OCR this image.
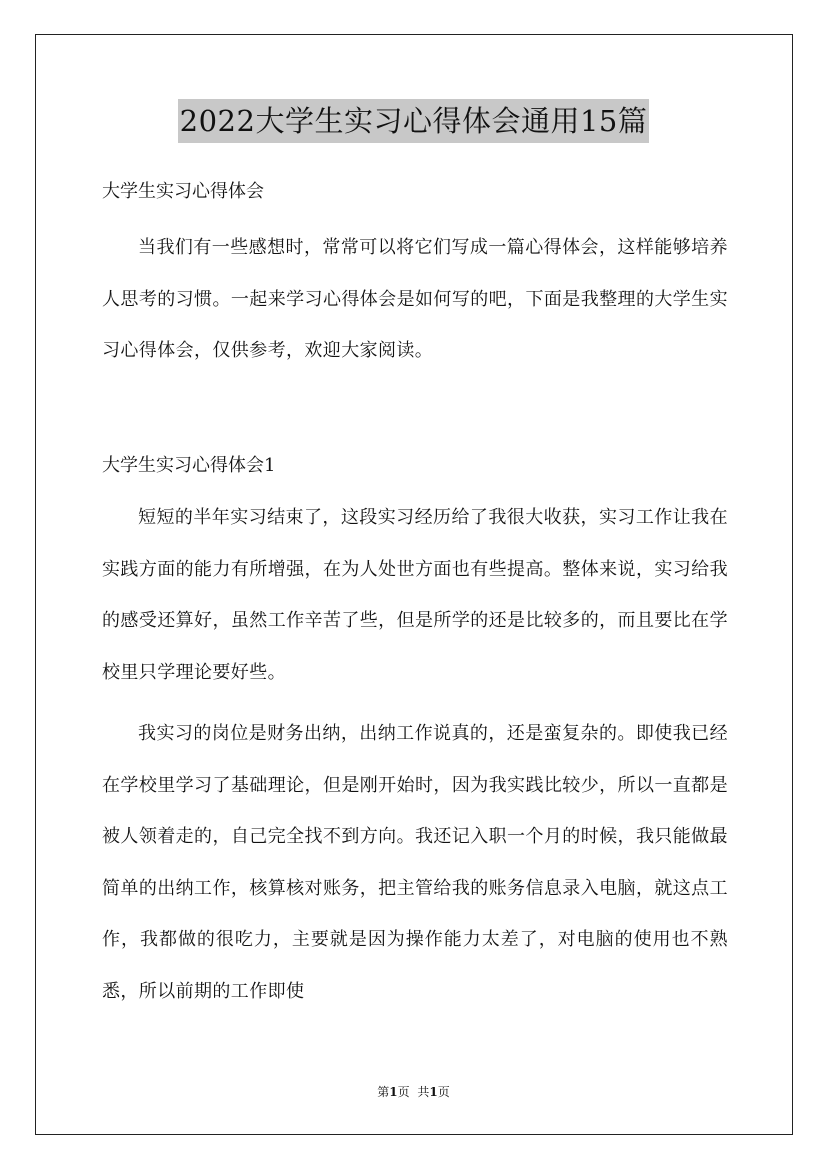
2022大学生实习心得体会通用15篇
大学生实习心得体会

当我们有一些感想时，常常可以将它们写成一篇心得体会，这样能够培养人思考的习惯。一起来学习心得体会是如何写的吧，下面是我整理的大学生实习心得体会，仅供参考，欢迎大家阅读。

大学生实习心得体会1

短短的半年实习结束了，这段实习经历给了我很大收获，实习工作让我在实践方面的能力有所增强，在为人处世方面也有些提高。整体来说，实习给我的感受还算好，虽然工作辛苦了些，但是所学的还是比较多的，而且要比在学校里只学理论要好些。

我实习的岗位是财务出纳，出纳工作说真的，还是蛮复杂的。即使我已经在学校里学习了基础理论，但是刚开始时，因为我实践比较少，所以一直都是被人领着走的，自己完全找不到方向。我还记入职一个月的时候，我只能做最简单的出纳工作，核算核对账务，把主管给我的账务信息录入电脑，就这点工作，我都做的很吃力，主要就是因为操作能力太差了，对电脑的使用也不熟悉，所以前期的工作即使

第1页 共1页
